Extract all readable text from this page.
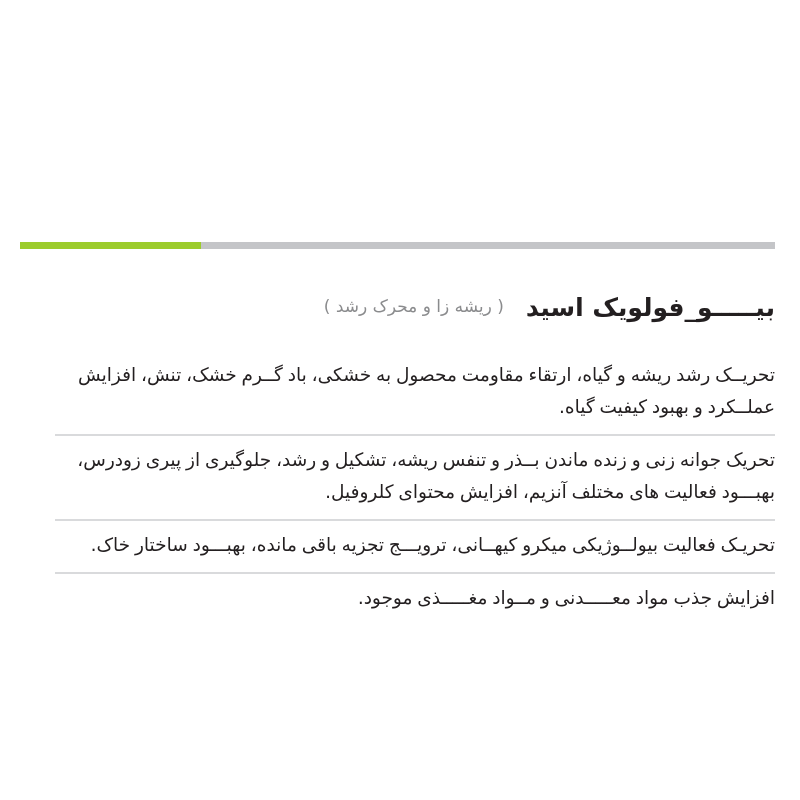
بیـــــو_فولویک اسید
( ریشه زا و محرک رشد )
تحریــک رشد ریشه و گیاه، ارتقاء مقاومت محصول به خشکی، باد گــرم خشک، تنش، افزایش
عملــکرد و بهبود کیفیت گیاه.
تحریک جوانه زنی و زنده ماندن بــذر و تنفس ریشه، تشکیل و رشد، جلوگیری از پیری زودرس،
بهبـــود فعالیت های مختلف آنزیم، افزایش محتوای کلروفیل.
تحریـک فعالیت بیولــوژیکی میکرو کیهــانی، ترویـــج تجزیه باقی مانده، بهبـــود ساختار خاک.
افزایش جذب مواد معـــــدنی و مــواد مغـــــذی موجود.
